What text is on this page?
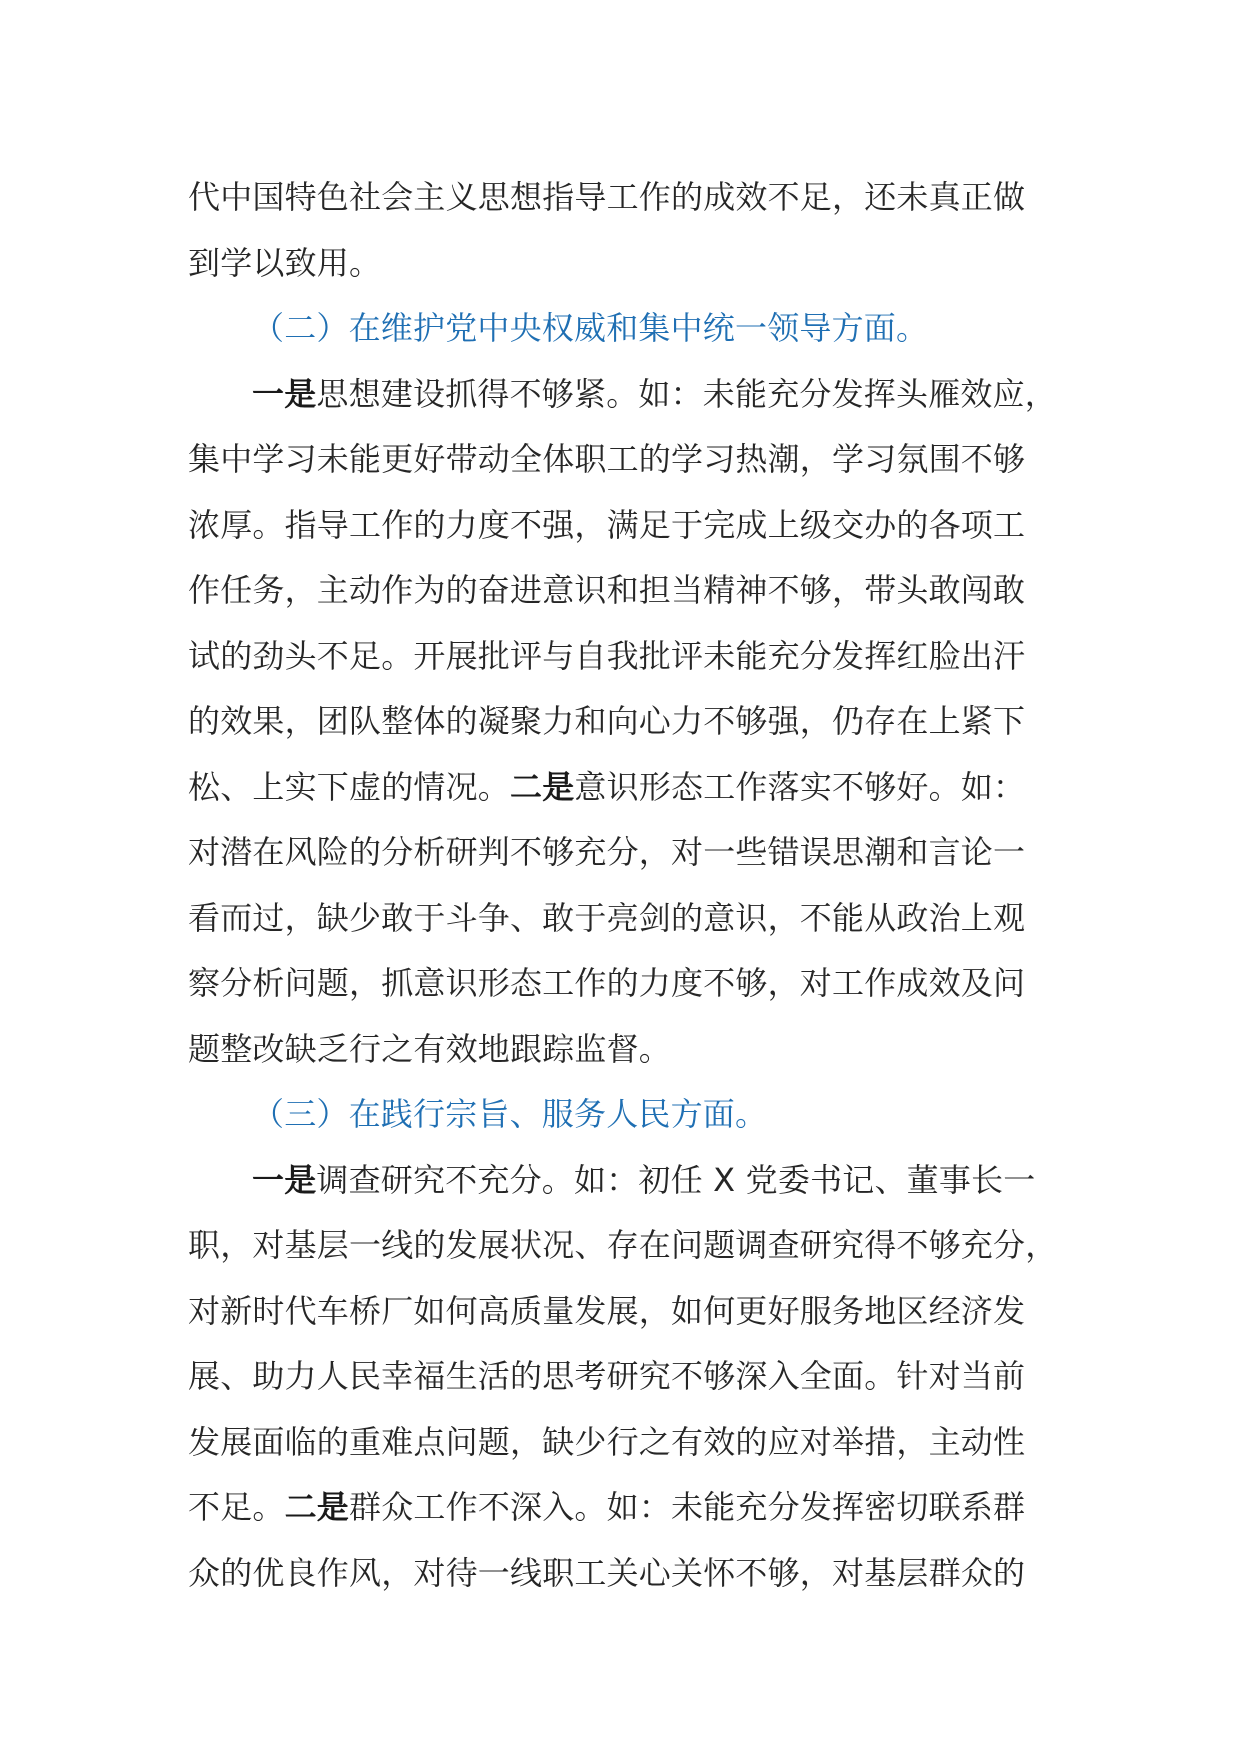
代中国特色社会主义思想指导工作的成效不足，还未真正做
到学以致用。
（二）在维护党中央权威和集中统一领导方面。
一是思想建设抓得不够紧。如：未能充分发挥头雁效应，
集中学习未能更好带动全体职工的学习热潮，学习氛围不够
浓厚。指导工作的力度不强，满足于完成上级交办的各项工
作任务，主动作为的奋进意识和担当精神不够，带头敢闯敢
试的劲头不足。开展批评与自我批评未能充分发挥红脸出汗
的效果，团队整体的凝聚力和向心力不够强，仍存在上紧下
松、上实下虚的情况。二是意识形态工作落实不够好。如：
对潜在风险的分析研判不够充分，对一些错误思潮和言论一
看而过，缺少敢于斗争、敢于亮剑的意识，不能从政治上观
察分析问题，抓意识形态工作的力度不够，对工作成效及问
题整改缺乏行之有效地跟踪监督。
（三）在践行宗旨、服务人民方面。
一是调查研究不充分。如：初任 X 党委书记、董事长一
职，对基层一线的发展状况、存在问题调查研究得不够充分，
对新时代车桥厂如何高质量发展，如何更好服务地区经济发
展、助力人民幸福生活的思考研究不够深入全面。针对当前
发展面临的重难点问题，缺少行之有效的应对举措，主动性
不足。二是群众工作不深入。如：未能充分发挥密切联系群
众的优良作风，对待一线职工关心关怀不够，对基层群众的
